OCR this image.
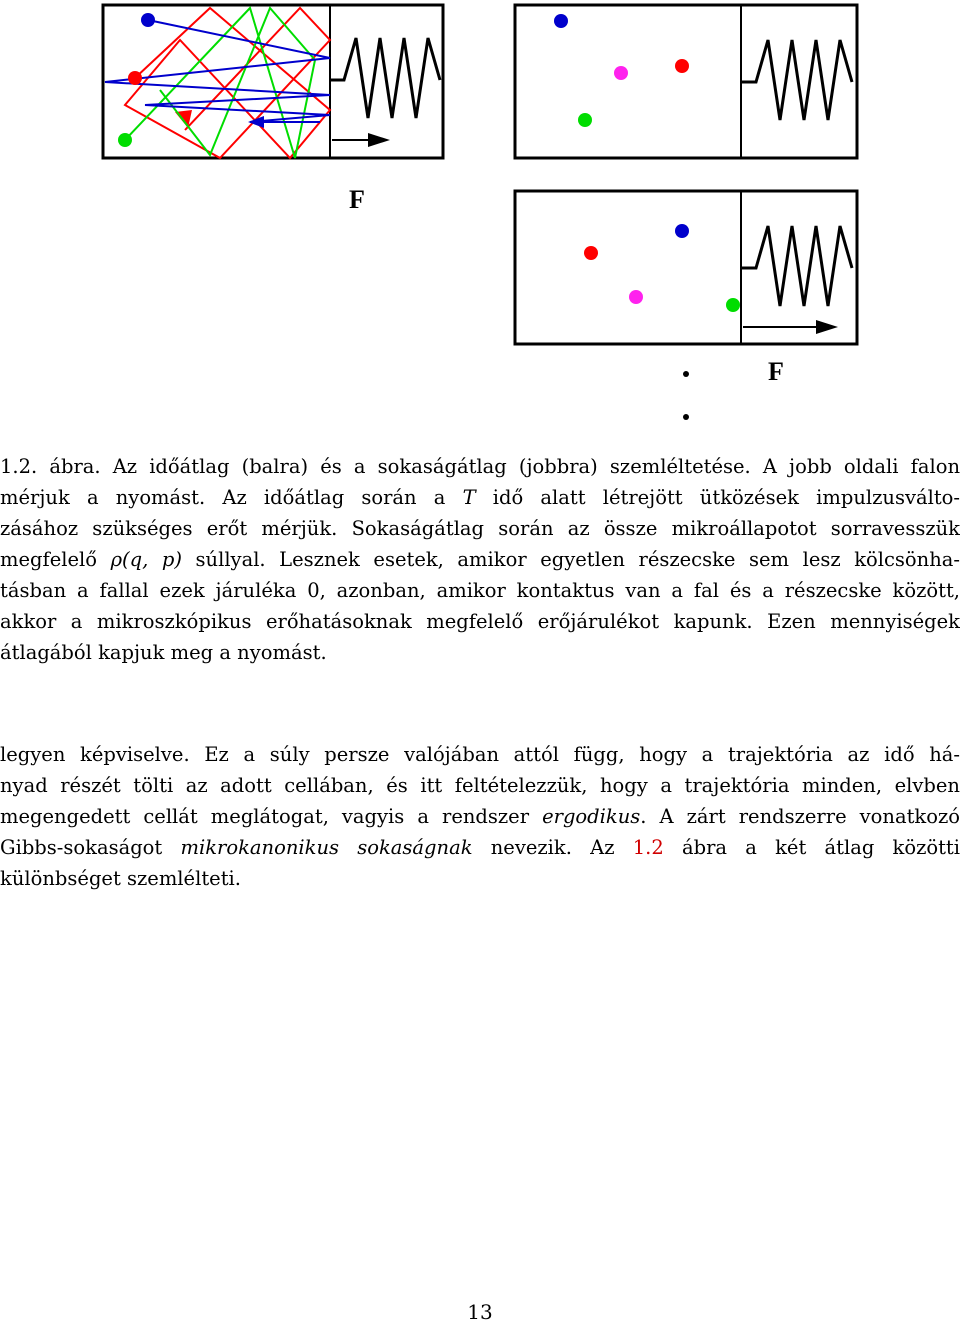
F
F
1.2. ábra. Az időátlag (balra) és a sokaságátlag (jobbra) szemléltetése. A jobb oldali falon
mérjuk a nyomást. Az időátlag során a T idő alatt létrejött ütközések impulzusválto-
zásához szükséges erőt mérjük. Sokaságátlag során az össze mikroállapotot sorravesszük
megfelelő ρ(q, p) súllyal. Lesznek esetek, amikor egyetlen részecske sem lesz kölcsönha-
tásban a fallal ezek járuléka 0, azonban, amikor kontaktus van a fal és a részecske között,
akkor a mikroszkópikus erőhatásoknak megfelelő erőjárulékot kapunk. Ezen mennyiségek
átlagából kapjuk meg a nyomást.
legyen képviselve. Ez a súly persze valójában attól függ, hogy a trajektória az idő há-
nyad részét tölti az adott cellában, és itt feltételezzük, hogy a trajektória minden, elvben
megengedett cellát meglátogat, vagyis a rendszer ergodikus. A zárt rendszerre vonatkozó
Gibbs-sokaságot mikrokanonikus sokaságnak nevezik. Az 1.2 ábra a két átlag közötti
különbséget szemlélteti.
13
